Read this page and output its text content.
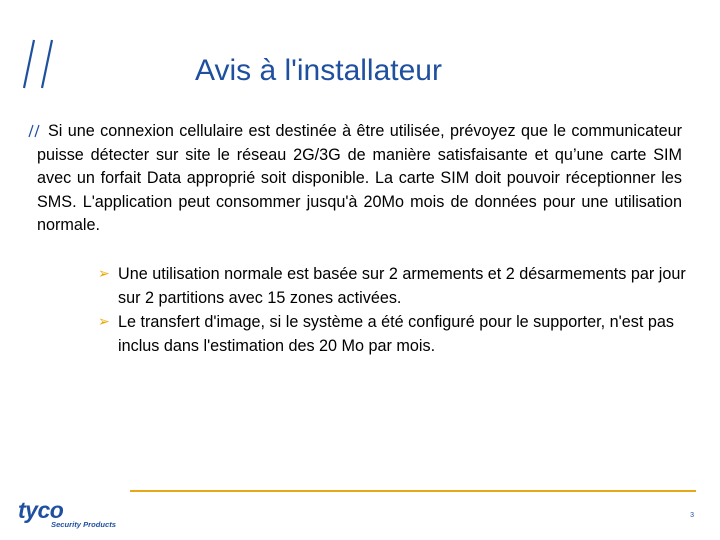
Avis à l'installateur
Si une connexion cellulaire est destinée à être utilisée, prévoyez que le communicateur puisse détecter sur site le réseau 2G/3G de manière satisfaisante et qu’une carte SIM avec un forfait Data approprié soit disponible. La carte SIM doit pouvoir réceptionner les SMS. L'application peut consommer jusqu'à 20Mo mois de données pour une utilisation normale.
➢ Une utilisation normale est basée sur 2 armements et 2 désarmements par jour sur 2 partitions avec 15 zones activées.
➢ Le transfert d'image, si le système a été configuré pour le supporter, n'est pas inclus dans l'estimation des 20 Mo par mois.
tyco
Security Products
3
